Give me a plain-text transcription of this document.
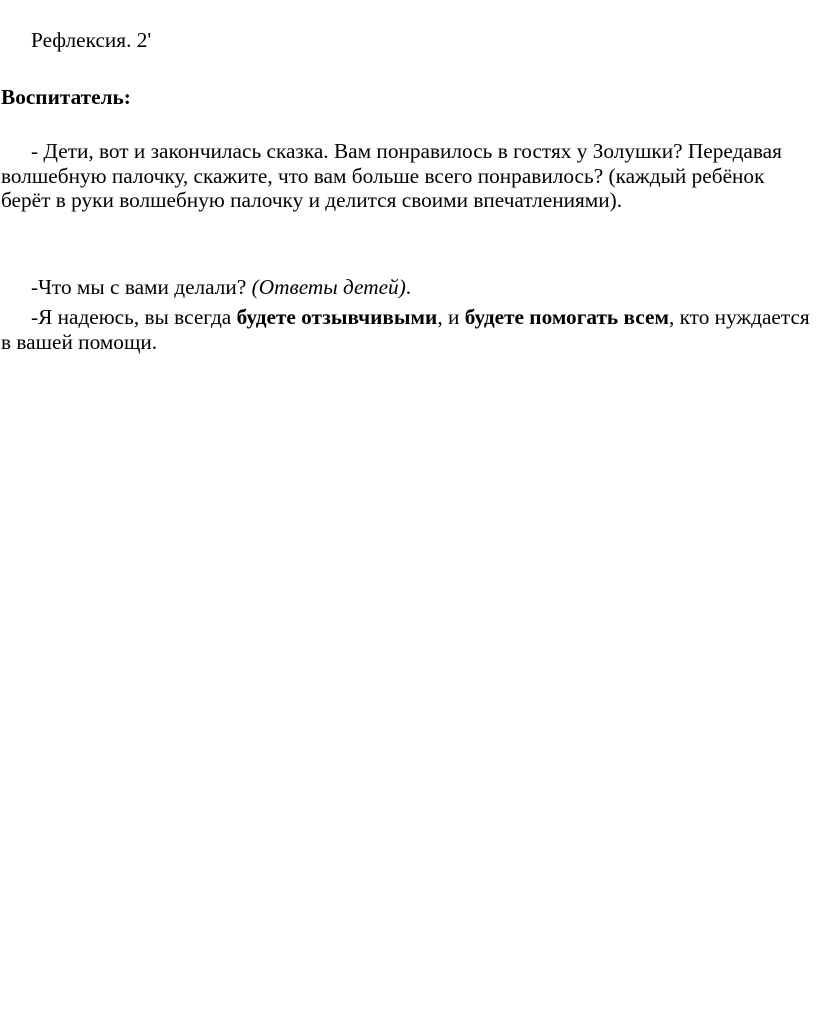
Рефлексия. 2'
Воспитатель:

- Дети, вот и закончилась сказка. Вам понравилось в гостях у Золушки? Передавая волшебную палочку, скажите, что вам больше всего понравилось? (каждый ребёнок берёт в руки волшебную палочку и делится своими впечатлениями).

-Что мы с вами делали? (Ответы детей).

-Я надеюсь, вы всегда будете отзывчивыми, и будете помогать всем, кто нуждается в вашей помощи.
